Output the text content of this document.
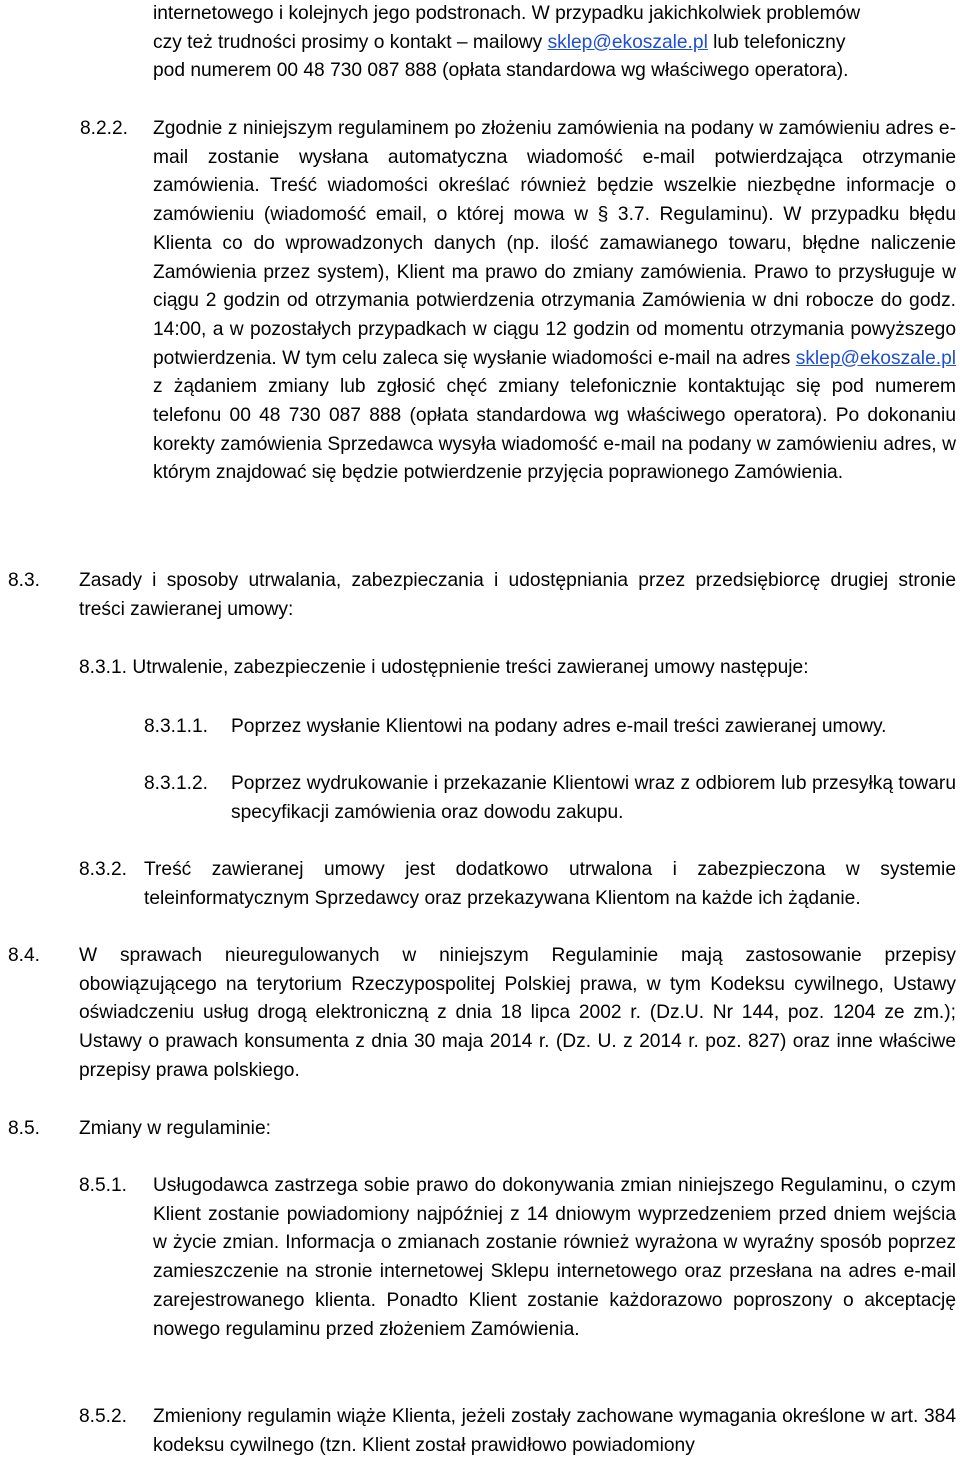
internetowego i kolejnych jego podstronach. W przypadku jakichkolwiek problemów
czy też trudności prosimy o kontakt – mailowy sklep@ekoszale.pl lub telefoniczny
pod numerem 00 48 730 087 888 (opłata standardowa wg właściwego operatora).
8.2.2. Zgodnie z niniejszym regulaminem po złożeniu zamówienia na podany w zamówieniu adres e-mail zostanie wysłana automatyczna wiadomość e-mail potwierdzająca otrzymanie zamówienia. Treść wiadomości określać również będzie wszelkie niezbędne informacje o zamówieniu (wiadomość email, o której mowa w § 3.7. Regulaminu). W przypadku błędu Klienta co do wprowadzonych danych (np. ilość zamawianego towaru, błędne naliczenie Zamówienia przez system), Klient ma prawo do zmiany zamówienia. Prawo to przysługuje w ciągu 2 godzin od otrzymania potwierdzenia otrzymania Zamówienia w dni robocze do godz. 14:00, a w pozostałych przypadkach w ciągu 12 godzin od momentu otrzymania powyższego potwierdzenia. W tym celu zaleca się wysłanie wiadomości e-mail na adres sklep@ekoszale.pl z żądaniem zmiany lub zgłosić chęć zmiany telefonicznie kontaktując się pod numerem telefonu 00 48 730 087 888 (opłata standardowa wg właściwego operatora). Po dokonaniu korekty zamówienia Sprzedawca wysyła wiadomość e-mail na podany w zamówieniu adres, w którym znajdować się będzie potwierdzenie przyjęcia poprawionego Zamówienia.
8.3. Zasady i sposoby utrwalania, zabezpieczania i udostępniania przez przedsiębiorcę drugiej stronie treści zawieranej umowy:
8.3.1. Utrwalenie, zabezpieczenie i udostępnienie treści zawieranej umowy następuje:
8.3.1.1. Poprzez wysłanie Klientowi na podany adres e-mail treści zawieranej umowy.
8.3.1.2. Poprzez wydrukowanie i przekazanie Klientowi wraz z odbiorem lub przesyłką towaru specyfikacji zamówienia oraz dowodu zakupu.
8.3.2. Treść zawieranej umowy jest dodatkowo utrwalona i zabezpieczona w systemie teleinformatycznym Sprzedawcy oraz przekazywana Klientom na każde ich żądanie.
8.4. W sprawach nieuregulowanych w niniejszym Regulaminie mają zastosowanie przepisy obowiązującego na terytorium Rzeczypospolitej Polskiej prawa, w tym Kodeksu cywilnego, Ustawy oświadczeniu usług drogą elektroniczną z dnia 18 lipca 2002 r. (Dz.U. Nr 144, poz. 1204 ze zm.); Ustawy o prawach konsumenta z dnia 30 maja 2014 r. (Dz. U. z 2014 r. poz. 827) oraz inne właściwe przepisy prawa polskiego.
8.5. Zmiany w regulaminie:
8.5.1. Usługodawca zastrzega sobie prawo do dokonywania zmian niniejszego Regulaminu, o czym Klient zostanie powiadomiony najpóźniej z 14 dniowym wyprzedzeniem przed dniem wejścia w życie zmian. Informacja o zmianach zostanie również wyrażona w wyraźny sposób poprzez zamieszczenie na stronie internetowej Sklepu internetowego oraz przesłana na adres e-mail zarejestrowanego klienta. Ponadto Klient zostanie każdorazowo poproszony o akceptację nowego regulaminu przed złożeniem Zamówienia.
8.5.2. Zmieniony regulamin wiąże Klienta, jeżeli zostały zachowane wymagania określone w art. 384 kodeksu cywilnego (tzn. Klient został prawidłowo powiadomiony
